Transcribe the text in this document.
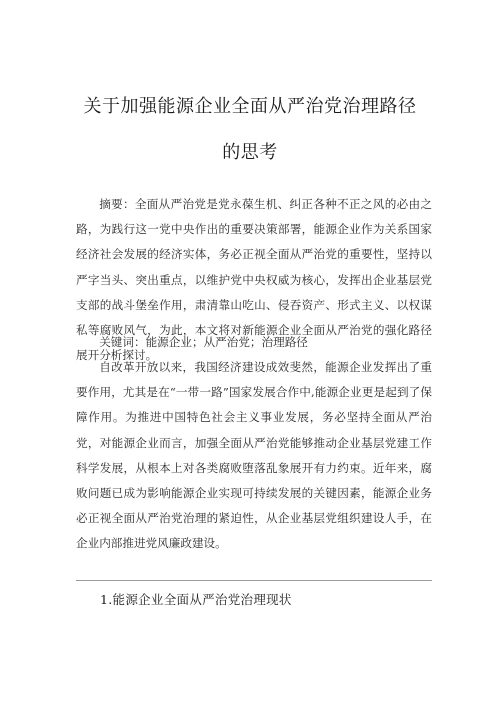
关于加强能源企业全面从严治党治理路径
的思考

摘要：全面从严治党是党永葆生机、纠正各种不正之风的必由之路，为践行这一党中央作出的重要决策部署，能源企业作为关系国家经济社会发展的经济实体，务必正视全面从严治党的重要性，坚持以严字当头、突出重点，以维护党中央权威为核心，发挥出企业基层党支部的战斗堡垒作用，肃清靠山吃山、侵吞资产、形式主义、以权谋私等腐败风气，为此，本文将对新能源企业全面从严治党的强化路径展开分析探讨。

关键词：能源企业；从严治党；治理路径

自改革开放以来，我国经济建设成效斐然，能源企业发挥出了重要作用，尤其是在“一带一路”国家发展合作中,能源企业更是起到了保障作用。为推进中国特色社会主义事业发展，务必坚持全面从严治党，对能源企业而言，加强全面从严治党能够推动企业基层党建工作科学发展，从根本上对各类腐败堕落乱象展开有力约束。近年来，腐败问题已成为影响能源企业实现可持续发展的关键因素，能源企业务必正视全面从严治党治理的紧迫性，从企业基层党组织建设人手，在企业内部推进党风廉政建设。

1.能源企业全面从严治党治理现状
